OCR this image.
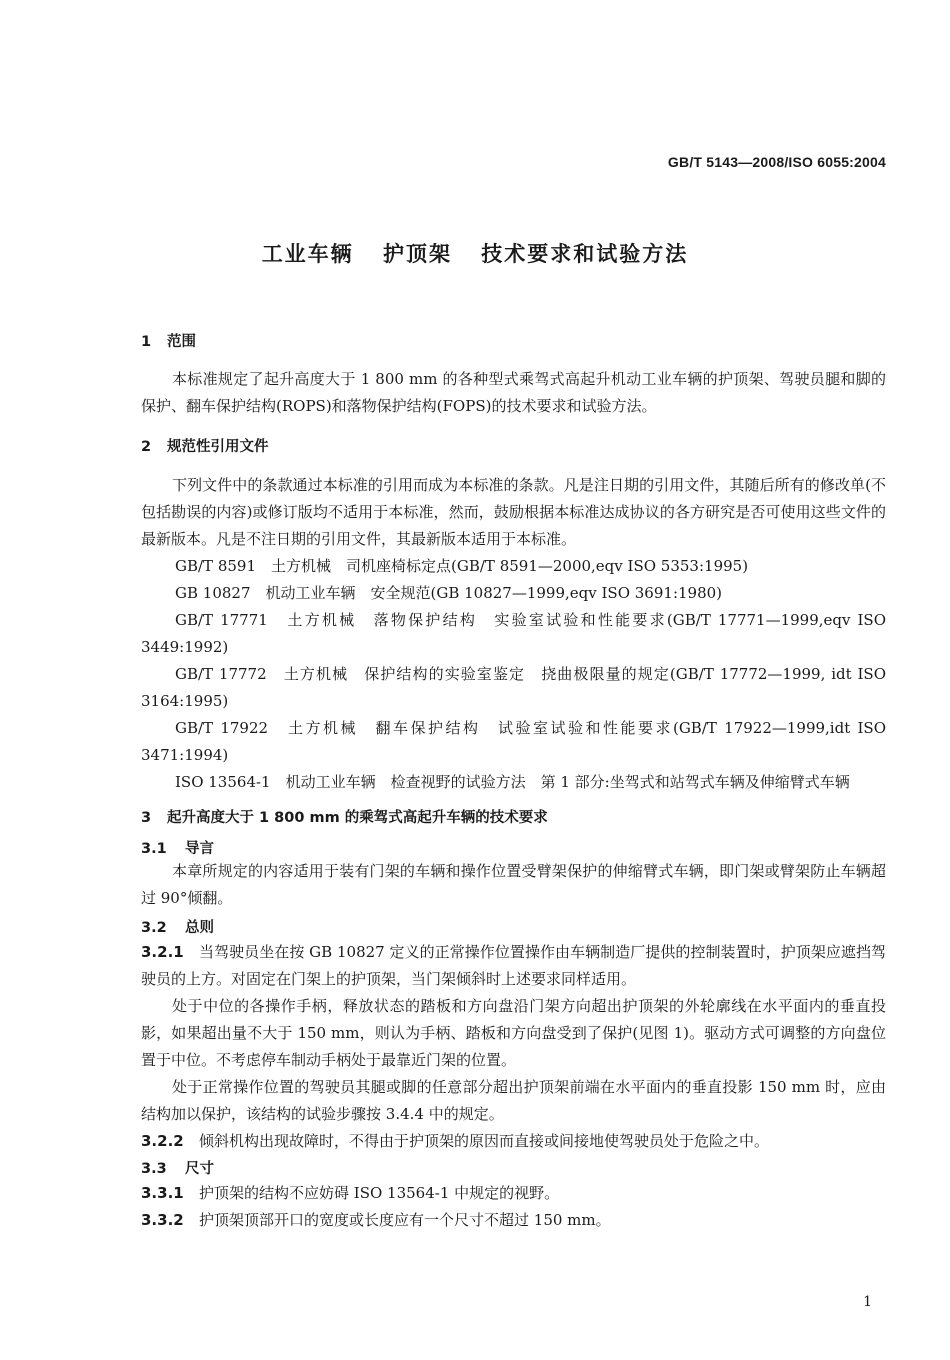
GB/T 5143—2008/ISO 6055:2004
工业车辆 护顶架 技术要求和试验方法
1 范围

本标准规定了起升高度大于 1 800 mm 的各种型式乘驾式高起升机动工业车辆的护顶架、驾驶员腿和脚的保护、翻车保护结构(ROPS)和落物保护结构(FOPS)的技术要求和试验方法。

2 规范性引用文件

下列文件中的条款通过本标准的引用而成为本标准的条款。凡是注日期的引用文件，其随后所有的修改单(不包括勘误的内容)或修订版均不适用于本标准，然而，鼓励根据本标准达成协议的各方研究是否可使用这些文件的最新版本。凡是不注日期的引用文件，其最新版本适用于本标准。

GB/T 8591　土方机械　司机座椅标定点(GB/T 8591—2000,eqv ISO 5353:1995)

GB 10827　机动工业车辆　安全规范(GB 10827—1999,eqv ISO 3691:1980)

GB/T 17771　土方机械　落物保护结构　实验室试验和性能要求(GB/T 17771—1999,eqv ISO 3449:1992)

GB/T 17772　土方机械　保护结构的实验室鉴定　挠曲极限量的规定(GB/T 17772—1999, idt ISO 3164:1995)

GB/T 17922　土方机械　翻车保护结构　试验室试验和性能要求(GB/T 17922—1999,idt ISO 3471:1994)

ISO 13564-1　机动工业车辆　检查视野的试验方法　第 1 部分:坐驾式和站驾式车辆及伸缩臂式车辆

3 起升高度大于 1 800 mm 的乘驾式高起升车辆的技术要求
3.1 导言

本章所规定的内容适用于装有门架的车辆和操作位置受臂架保护的伸缩臂式车辆，即门架或臂架防止车辆超过 90°倾翻。

3.2 总则

3.2.1 当驾驶员坐在按 GB 10827 定义的正常操作位置操作由车辆制造厂提供的控制装置时，护顶架应遮挡驾驶员的上方。对固定在门架上的护顶架，当门架倾斜时上述要求同样适用。

处于中位的各操作手柄，释放状态的踏板和方向盘沿门架方向超出护顶架的外轮廓线在水平面内的垂直投影，如果超出量不大于 150 mm，则认为手柄、踏板和方向盘受到了保护(见图 1)。驱动方式可调整的方向盘位置于中位。不考虑停车制动手柄处于最靠近门架的位置。

处于正常操作位置的驾驶员其腿或脚的任意部分超出护顶架前端在水平面内的垂直投影 150 mm 时，应由结构加以保护，该结构的试验步骤按 3.4.4 中的规定。

3.2.2 倾斜机构出现故障时，不得由于护顶架的原因而直接或间接地使驾驶员处于危险之中。

3.3 尺寸

3.3.1 护顶架的结构不应妨碍 ISO 13564-1 中规定的视野。

3.3.2 护顶架顶部开口的宽度或长度应有一个尺寸不超过 150 mm。

1
